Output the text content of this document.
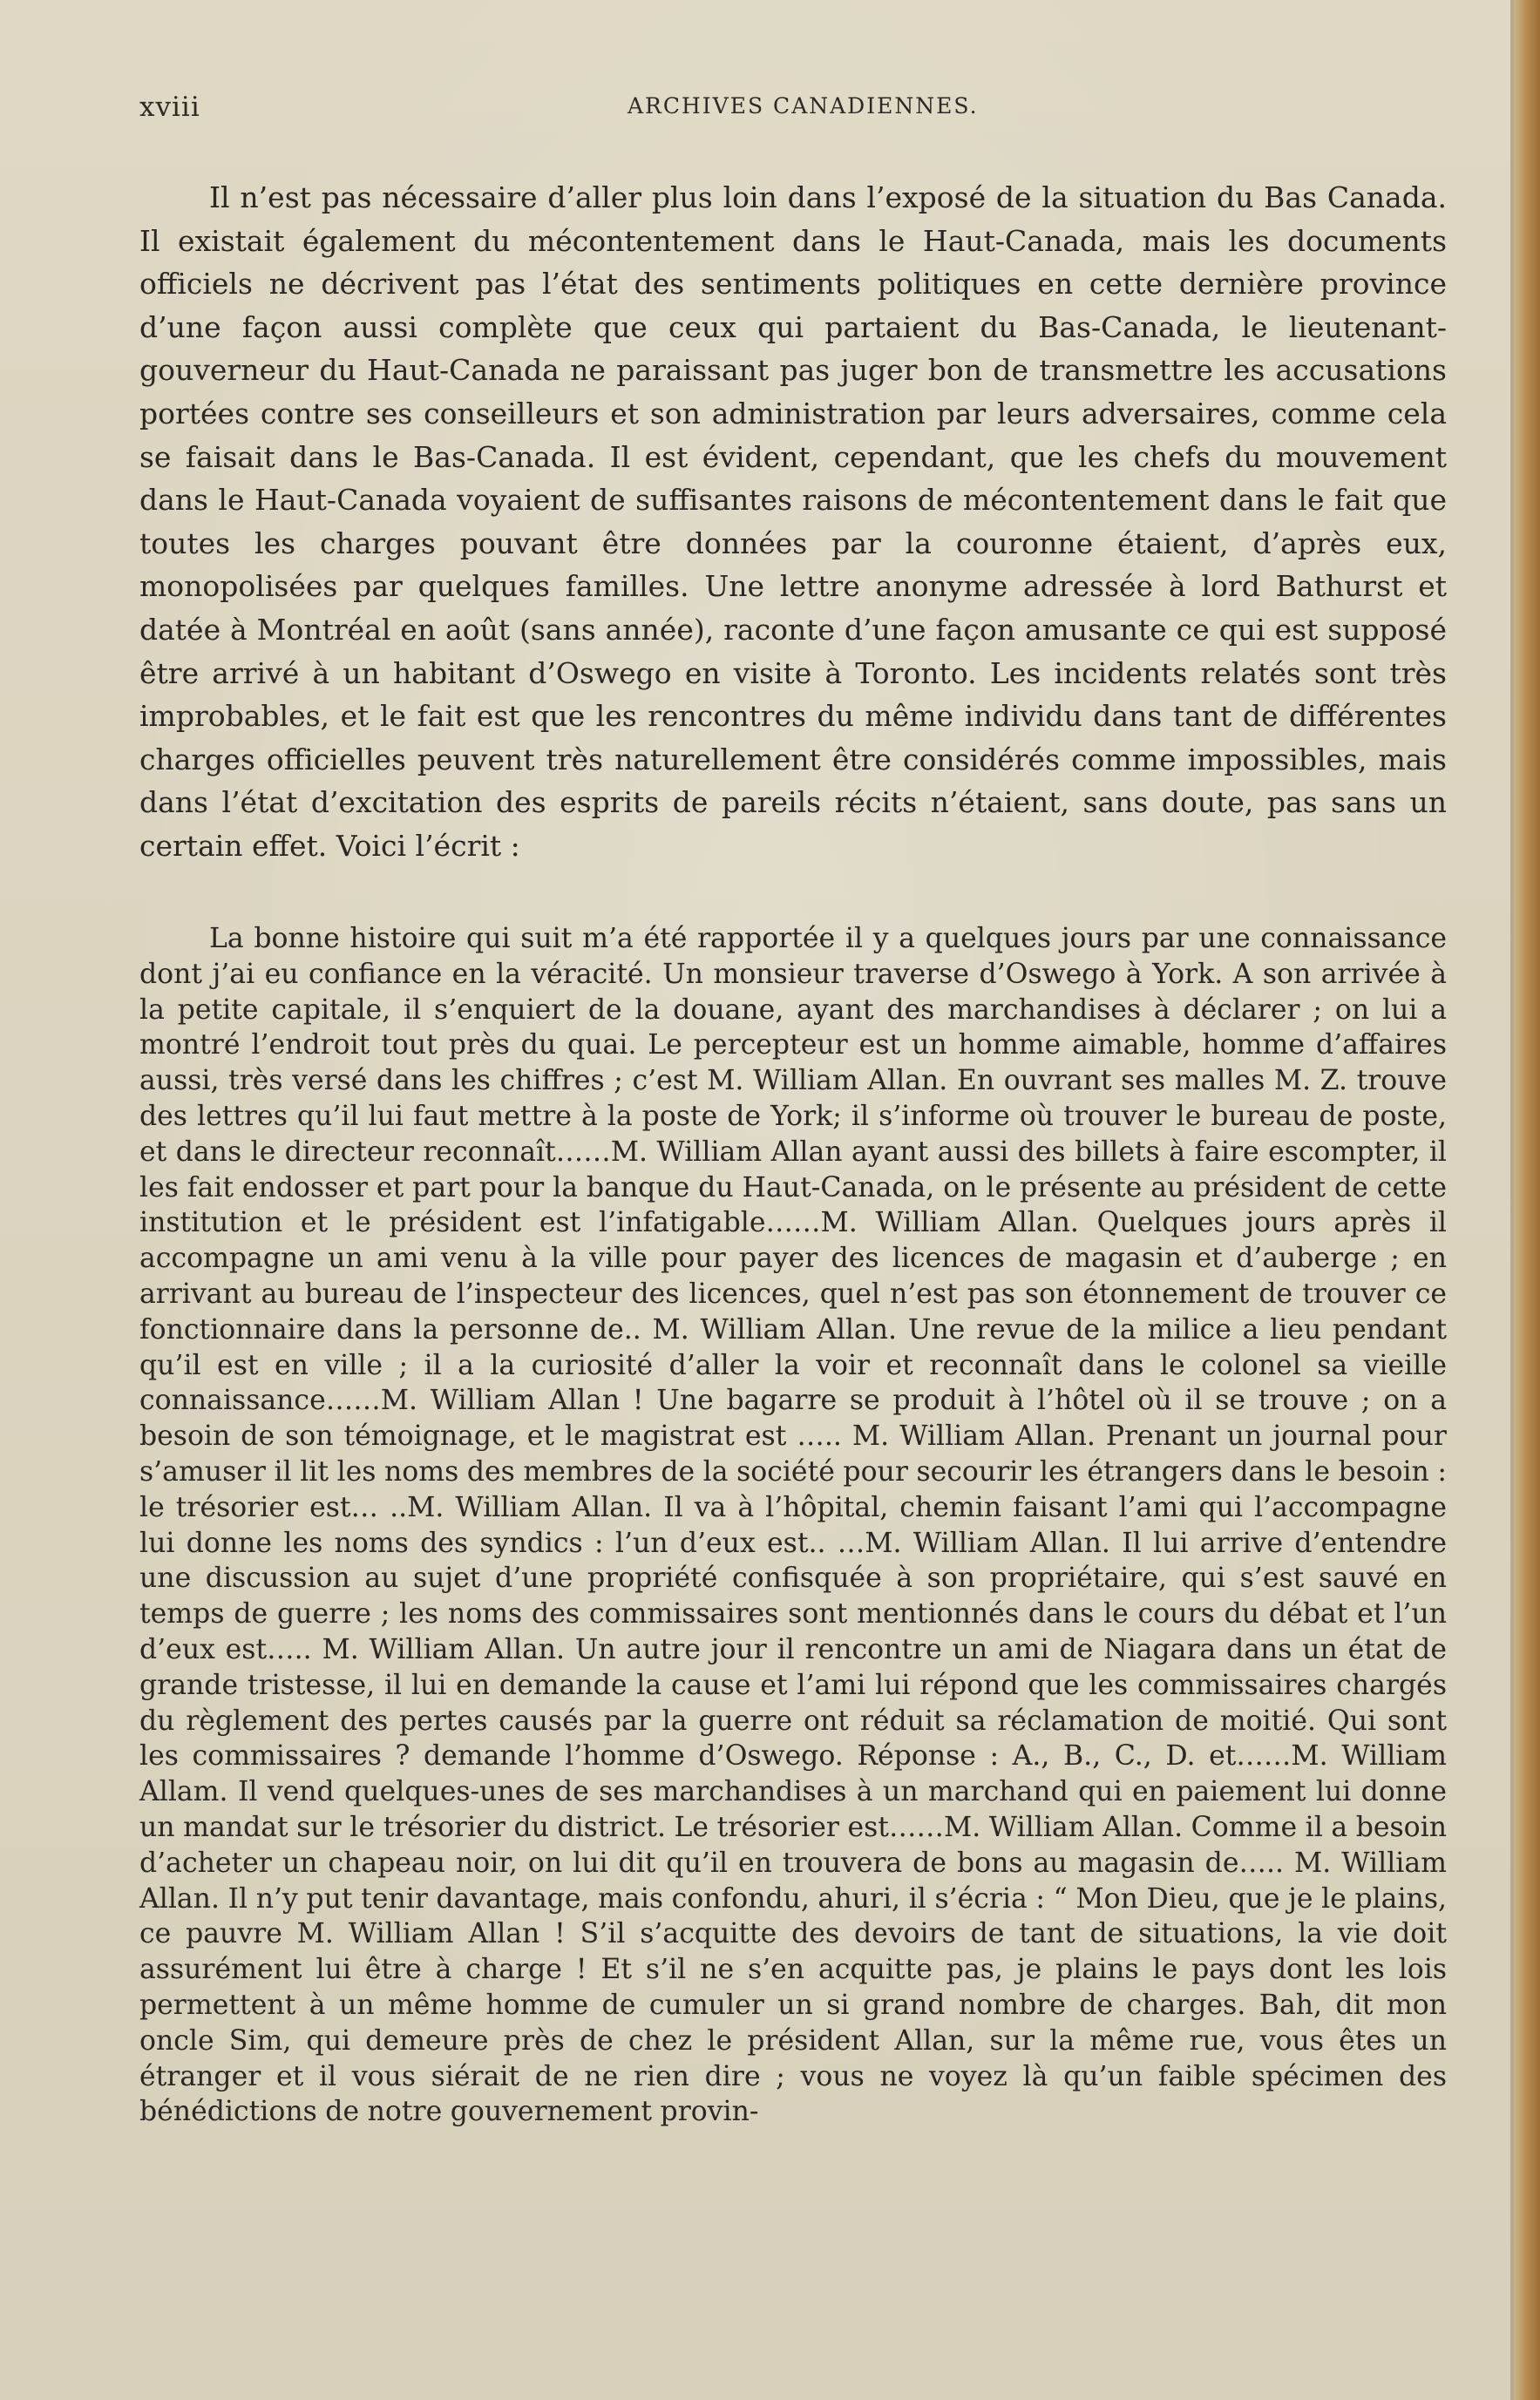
xviii	ARCHIVES CANADIENNES.

Il n’est pas nécessaire d’aller plus loin dans l’exposé de la situation du Bas Canada. Il existait également du mécontentement dans le Haut-Canada, mais les documents officiels ne décrivent pas l’état des sentiments politiques en cette dernière province d’une façon aussi complète que ceux qui partaient du Bas-Canada, le lieutenant-gouverneur du Haut-Canada ne paraissant pas juger bon de transmettre les accusations portées contre ses conseilleurs et son administration par leurs adversaires, comme cela se faisait dans le Bas-Canada. Il est évident, cependant, que les chefs du mouvement dans le Haut-Canada voyaient de suffisantes raisons de mécontentement dans le fait que toutes les charges pouvant être données par la couronne étaient, d’après eux, monopolisées par quelques familles. Une lettre anonyme adressée à lord Bathurst et datée à Montréal en août (sans année), raconte d’une façon amusante ce qui est supposé être arrivé à un habitant d’Oswego en visite à Toronto. Les incidents relatés sont très improbables, et le fait est que les rencontres du même individu dans tant de différentes charges officielles peuvent très naturellement être considérés comme impossibles, mais dans l’état d’excitation des esprits de pareils récits n’étaient, sans doute, pas sans un certain effet. Voici l’écrit :

La bonne histoire qui suit m’a été rapportée il y a quelques jours par une connaissance dont j’ai eu confiance en la véracité. Un monsieur traverse d’Oswego à York. A son arrivée à la petite capitale, il s’enquiert de la douane, ayant des marchandises à déclarer ; on lui a montré l’endroit tout près du quai. Le percepteur est un homme aimable, homme d’affaires aussi, très versé dans les chiffres ; c’est M. William Allan. En ouvrant ses malles M. Z. trouve des lettres qu’il lui faut mettre à la poste de York; il s’informe où trouver le bureau de poste, et dans le directeur reconnaît……M. William Allan ayant aussi des billets à faire escompter, il les fait endosser et part pour la banque du Haut-Canada, on le présente au président de cette institution et le président est l’infatigable……M. William Allan. Quelques jours après il accompagne un ami venu à la ville pour payer des licences de magasin et d’auberge ; en arrivant au bureau de l’inspecteur des licences, quel n’est pas son étonnement de trouver ce fonctionnaire dans la personne de.. M. William Allan. Une revue de la milice a lieu pendant qu’il est en ville ; il a la curiosité d’aller la voir et reconnaît dans le colonel sa vieille connaissance……M. William Allan ! Une bagarre se produit à l’hôtel où il se trouve ; on a besoin de son témoignage, et le magistrat est ….. M. William Allan. Prenant un journal pour s’amuser il lit les noms des membres de la société pour secourir les étrangers dans le besoin : le trésorier est… ..M. William Allan. Il va à l’hôpital, chemin faisant l’ami qui l’accompagne lui donne les noms des syndics : l’un d’eux est.. …M. William Allan. Il lui arrive d’entendre une discussion au sujet d’une propriété confisquée à son propriétaire, qui s’est sauvé en temps de guerre ; les noms des commissaires sont mentionnés dans le cours du débat et l’un d’eux est….. M. William Allan. Un autre jour il rencontre un ami de Niagara dans un état de grande tristesse, il lui en demande la cause et l’ami lui répond que les commissaires chargés du règlement des pertes causés par la guerre ont réduit sa réclamation de moitié. Qui sont les commissaires ? demande l’homme d’Oswego. Réponse : A., B., C., D. et……M. William Allam. Il vend quelques-unes de ses marchandises à un marchand qui en paiement lui donne un mandat sur le trésorier du district. Le trésorier est……M. William Allan. Comme il a besoin d’acheter un chapeau noir, on lui dit qu’il en trouvera de bons au magasin de….. M. William Allan. Il n’y put tenir davantage, mais confondu, ahuri, il s’écria : “ Mon Dieu, que je le plains, ce pauvre M. William Allan ! S’il s’acquitte des devoirs de tant de situations, la vie doit assurément lui être à charge ! Et s’il ne s’en acquitte pas, je plains le pays dont les lois permettent à un même homme de cumuler un si grand nombre de charges. Bah, dit mon oncle Sim, qui demeure près de chez le président Allan, sur la même rue, vous êtes un étranger et il vous siérait de ne rien dire ; vous ne voyez là qu’un faible spécimen des bénédictions de notre gouvernement provin-
